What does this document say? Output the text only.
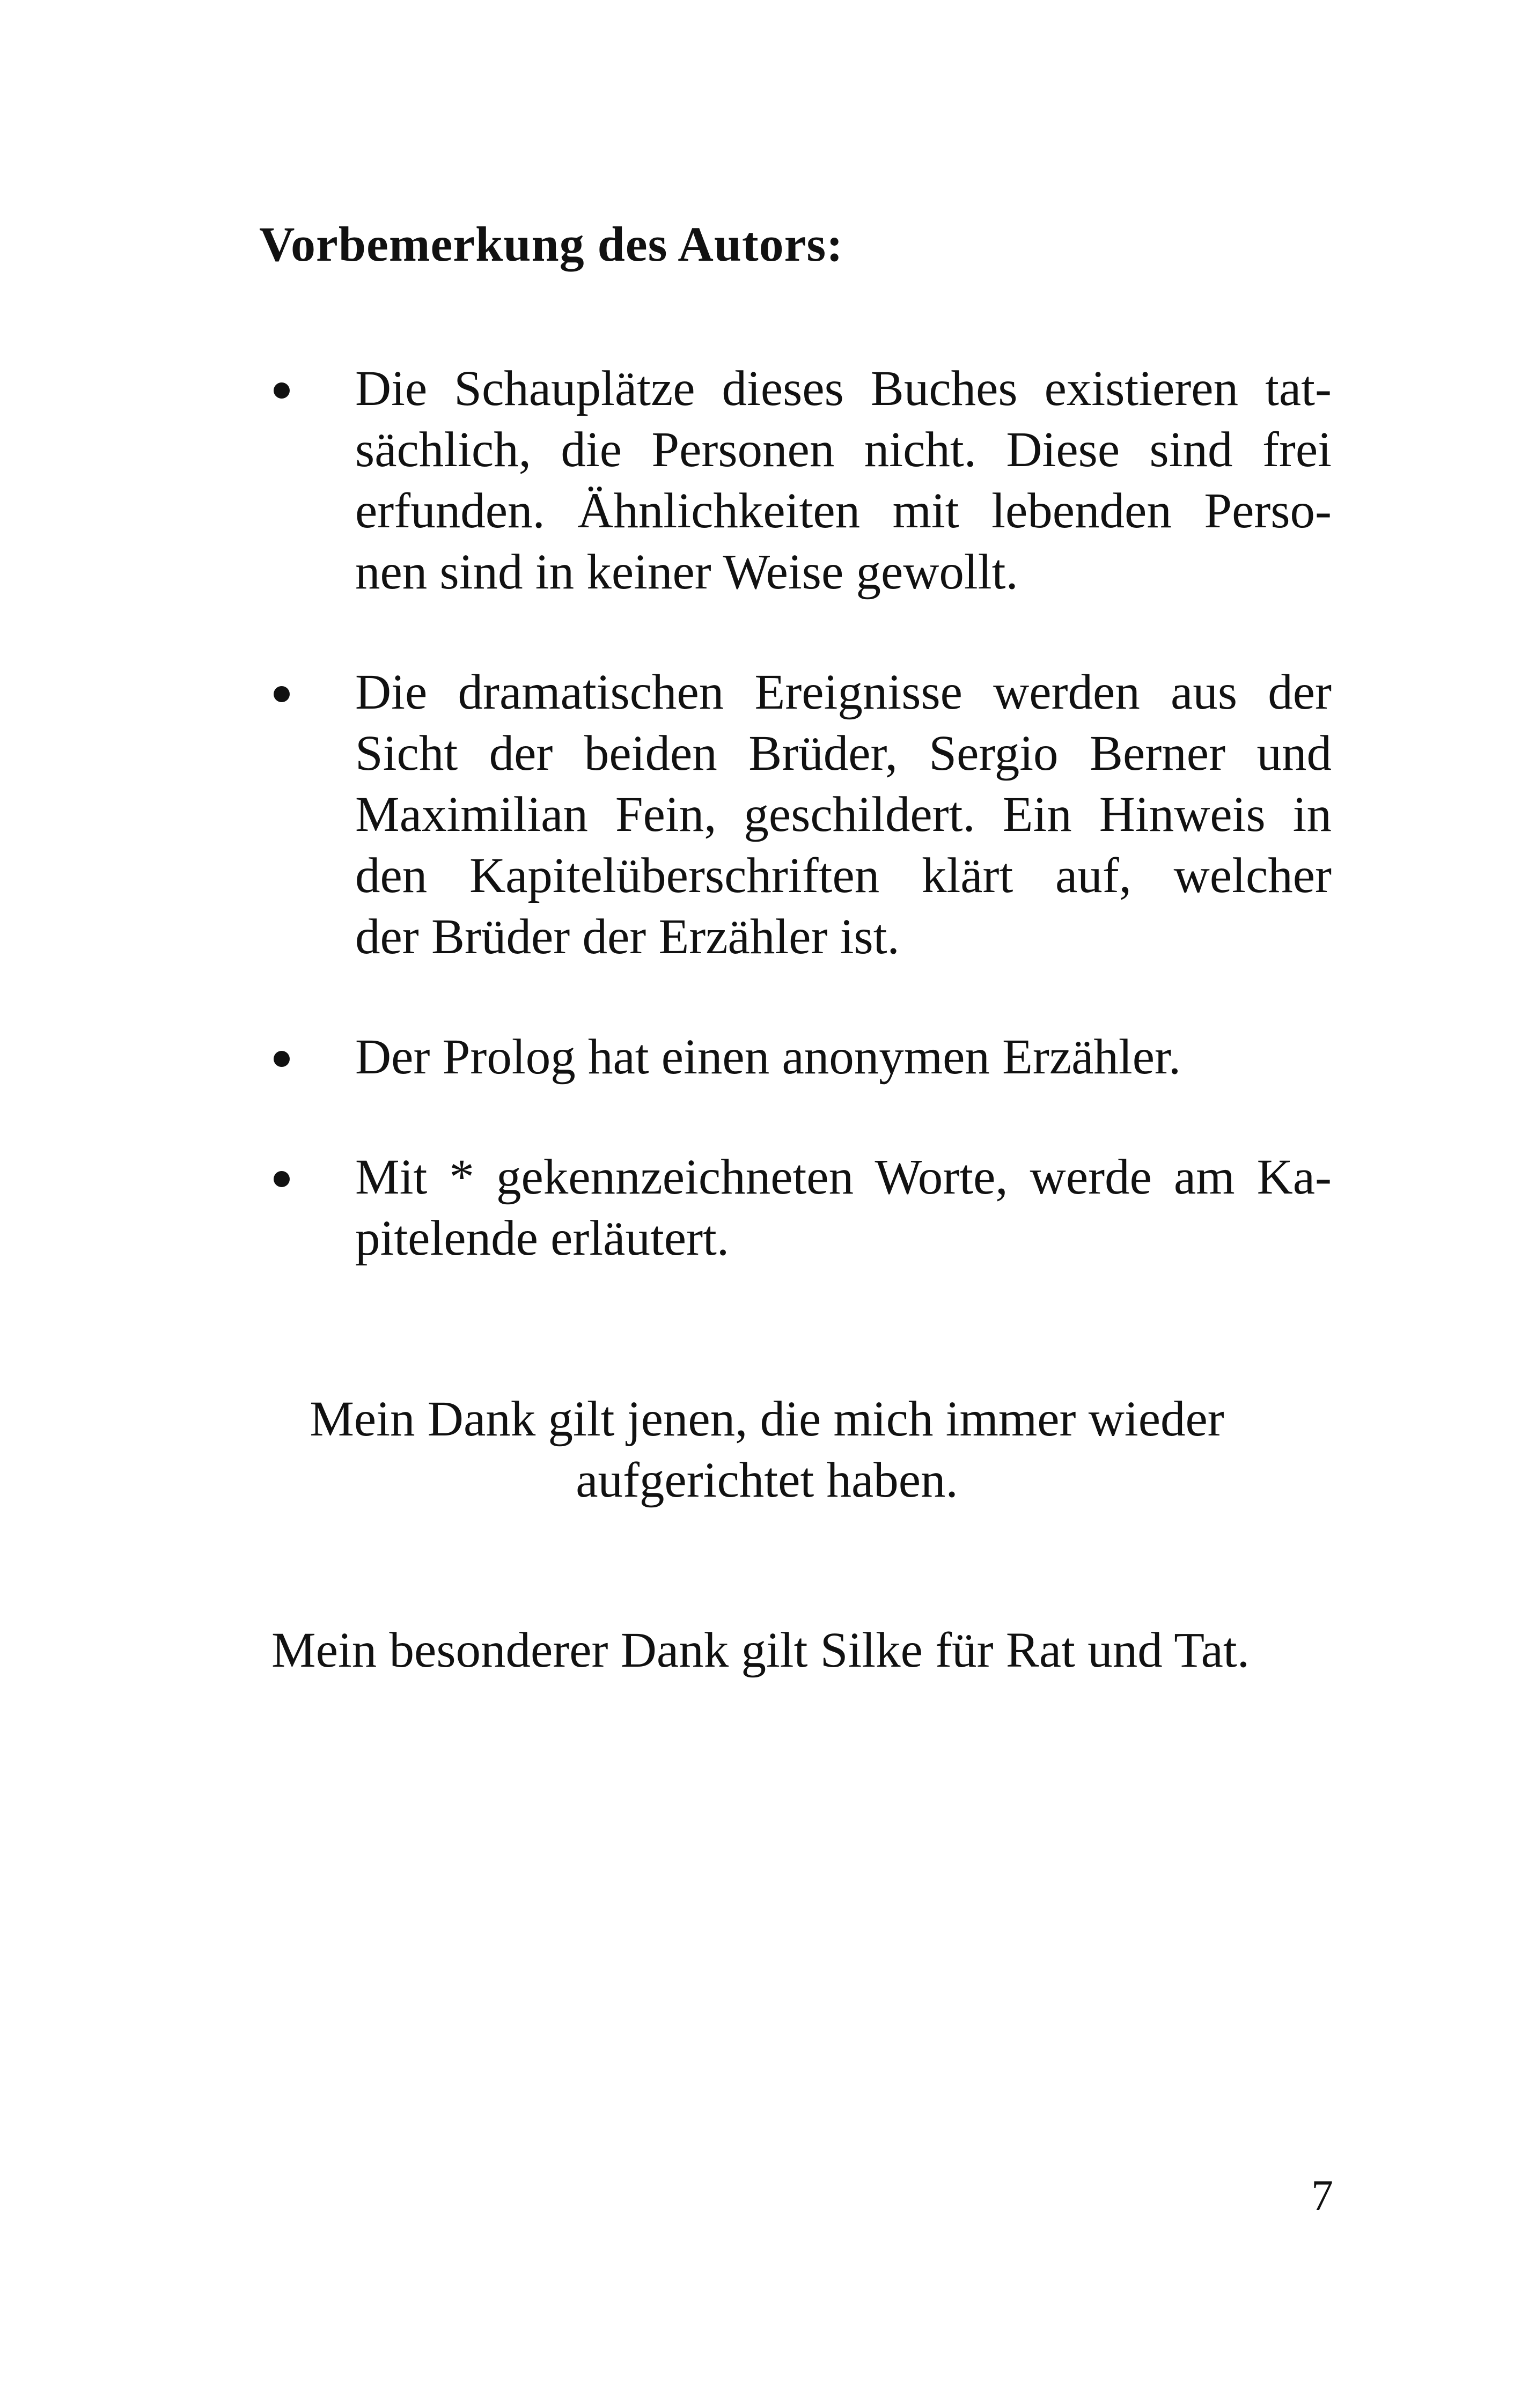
Vorbemerkung des Autors:
Die Schauplätze dieses Buches existieren tat-
sächlich, die Personen nicht. Diese sind frei
erfunden. Ähnlichkeiten mit lebenden Perso-
nen sind in keiner Weise gewollt.
Die dramatischen Ereignisse werden aus der
Sicht der beiden Brüder, Sergio Berner und
Maximilian Fein, geschildert. Ein Hinweis in
den Kapitelüberschriften klärt auf, welcher
der Brüder der Erzähler ist.
Der Prolog hat einen anonymen Erzähler.
Mit * gekennzeichneten Worte, werde am Ka-
pitelende erläutert.
Mein Dank gilt jenen, die mich immer wieder
aufgerichtet haben.
Mein besonderer Dank gilt Silke für Rat und Tat.
7
